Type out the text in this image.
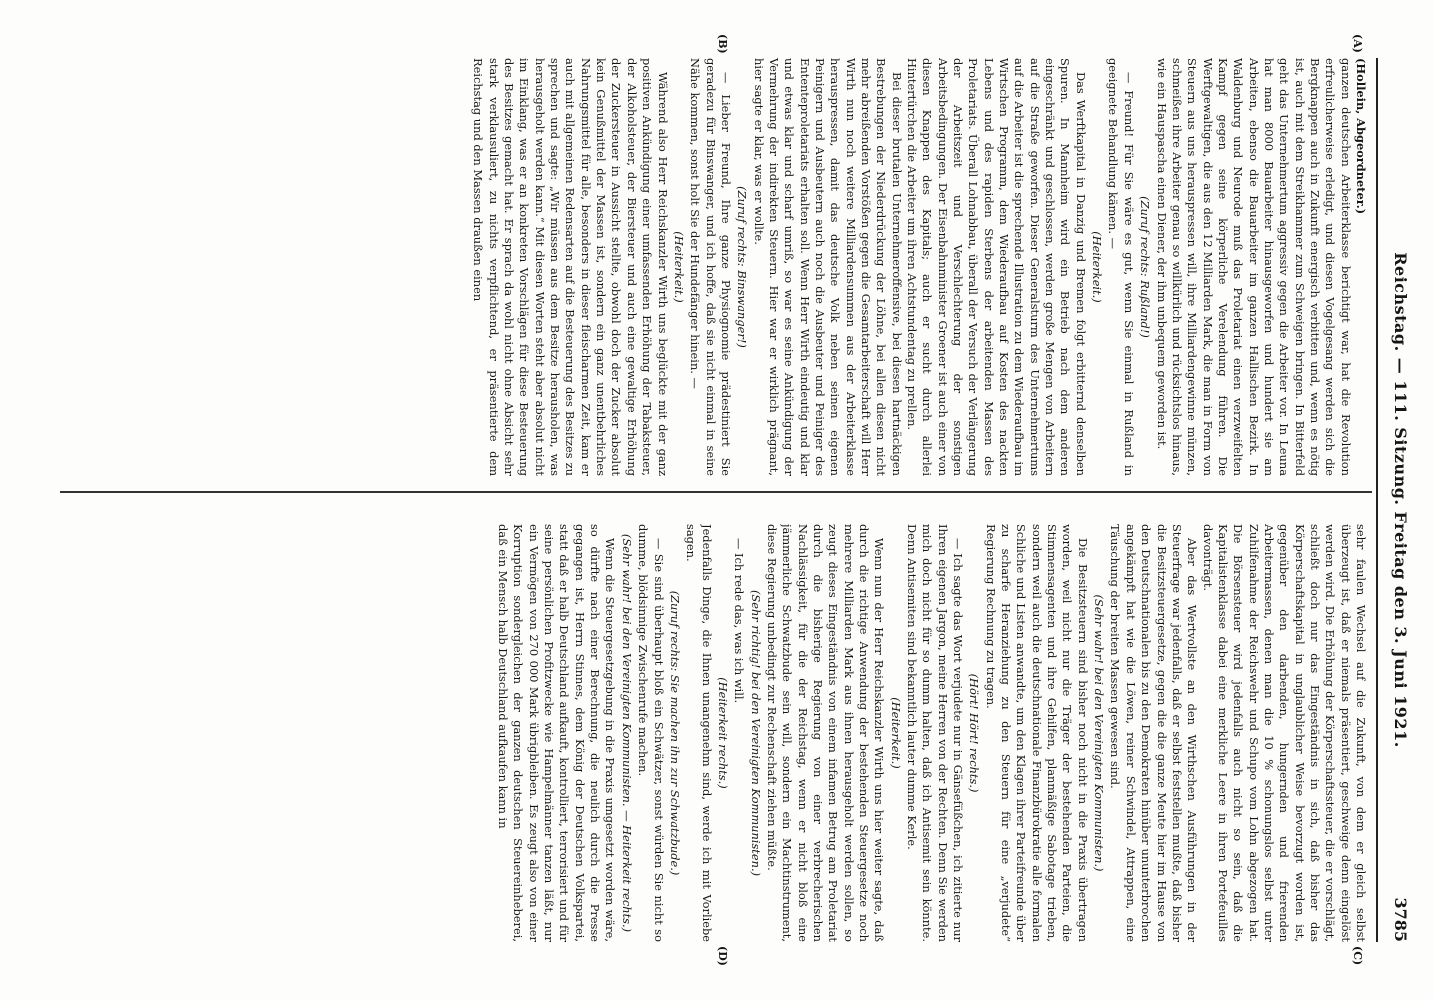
Reichstag. — 111. Sitzung. Freitag den 3. Juni 1921.
3785
(A)
(B)
(C)
(D)

(Hollein, Abgeordneter.)

ganzen deutschen Arbeiterklasse berichtigt war, hat die Revolution erfreulicherweise erledigt, und diesen Vogelgesang werden sich die Bergknappen auch in Zukunft energisch verbitten und, wenn es nötig ist, auch mit dem Streikhammer zum Schweigen bringen. In Bitterfeld geht das Unternehmertum aggressiv gegen die Arbeiter vor. In Leuna hat man 8000 Bauarbeiter hinausgeworfen und hundert sie am Arbeiten, ebenso die Bauarbeiter im ganzen Hallischen Bezirk. In Waldenburg und Neurode muß das Proletariat einen verzweifelten Kampf gegen seine körperliche Verelendung führen. Die Werftgewaltigen, die aus den 12 Milliarden Mark, die man in Form von Steuern aus uns herauspressen will, ihre Milliardengewinne münzen, schmeißen ihre Arbeiter genau so willkürlich und rücksichtslos hinaus, wie ein Hauspascha einen Diener, der ihm unbequem geworden ist.

(Zuruf rechts: Rußland!)

— Freund! Für Sie wäre es gut, wenn Sie einmal in Rußland in geeignete Behandlung kämen. —

(Heiterkeit.)

Das Werftkapital in Danzig und Bremen folgt erbitternd denselben Spuren. In Mannheim wird ein Betrieb nach dem anderen eingeschränkt und geschlossen, werden große Mengen von Arbeitern auf die Straße geworfen. Dieser Generalsturm des Unternehmertums auf die Arbeiter ist die sprechende Illustration zu dem Wiederaufbau im Wirtschen Programm, dem Wiederaufbau auf Kosten des nackten Lebens und des rapiden Sterbens der arbeitenden Massen des Proletariats. Überall Lohnabbau, überall der Versuch der Verlängerung der Arbeitszeit und Verschlechterung der sonstigen Arbeitsbedingungen. Der Eisenbahnminister Groener ist auch einer von diesen Knappen des Kapitals; auch er sucht durch allerlei Hintertürchen die Arbeiter um ihren Achtstundentag zu prellen.

Bei dieser brutalen Unternehmeroffensive, bei diesen hartnäckigen Bestrebungen der Niederdrückung der Löhne, bei allen diesen nicht mehr abreißenden Vorstößen gegen die Gesamtarbeiterschaft will Herr Wirth nun noch weitere Milliardensummen aus der Arbeiterklasse herauspressen, damit das deutsche Volk neben seinen eigenen Peinigern und Ausbeutern auch noch die Ausbeuter und Peiniger des Ententeproletariats erhalten soll. Wenn Herr Wirth eindeutig und klar und etwas klar und scharf umriß, so war es seine Ankündigung der Vermehrung der indirekten Steuern. Hier war er wirklich prägnant, hier sagte er klar, was er wollte.

(Zuruf rechts: Binswanger!)

— Lieber Freund, Ihre ganze Physiognomie prädestiniert Sie geradezu für Binswanger, und ich hoffe, daß sie nicht einmal in seine Nähe kommen, sonst holt Sie der Hundefänger hinein. —

(Heiterkeit.)

Während also Herr Reichskanzler Wirth uns beglückte mit der ganz positiven Ankündigung einer umfassenden Erhöhung der Tabaksteuer, der Alkoholsteuer, der Biersteuer und auch eine gewaltige Erhöhung der Zuckersteuer in Aussicht stellte, obwohl doch der Zucker absolut kein Genußmittel der Massen ist, sondern ein ganz unentbehrliches Nahrungsmittel für alle, besonders in dieser fleischarmen Zeit, kam er auch mit allgemeinen Redensarten auf die Besteuerung des Besitzes zu sprechen und sagte: „Wir müssen aus dem Besitze herausholen, was herausgeholt werden kann.“ Mit diesen Worten steht aber absolut nicht im Einklang, was er an konkreten Vorschlägen für diese Besteuerung des Besitzes gemacht hat. Er sprach da wohl nicht ohne Absicht sehr stark verklausuliert, zu nichts verpflichtend, er präsentierte dem Reichstag und den Massen draußen einen

sehr faulen Wechsel auf die Zukunft, von dem er gleich selbst überzeugt ist, daß er niemals präsentiert, geschweige denn eingelöst werden wird. Die Erhöhung der Körperschaftssteuer, die er vorschlägt, schließt doch nur das Eingeständnis in sich, daß bisher das Körperschaftskapital in unglaublicher Weise bevorzugt worden ist, gegenüber den darbenden, hungernden und frierenden Arbeitermassen, denen man die 10 % schonungslos selbst unter Zuhilfenahme der Reichswehr und Schupo vom Lohn abgezogen hat. Die Börsensteuer wird jedenfalls auch nicht so sein, daß die Kapitalistenklasse dabei eine merkliche Leere in ihren Portefeuilles davonträgt.

Aber das Wertvollste an den Wirthschen Ausführungen in der Steuerfrage war jedenfalls, daß er selbst feststellen mußte, daß bisher die Besitzsteuergesetze, gegen die die ganze Meute hier im Hause von den Deutschnationalen bis zu den Demokraten hinüber ununterbrochen angekämpft hat wie die Löwen, reiner Schwindel, Attrappen, eine Täuschung der breiten Massen gewesen sind.

(Sehr wahr! bei den Vereinigten Kommunisten.)

Die Besitzsteuern sind bisher noch nicht in die Praxis übertragen worden, weil nicht nur die Träger der bestehenden Parteien, die Stimmensagenten und ihre Gehilfen, planmäßige Sabotage trieben, sondern weil auch die deutschnationale Finanzbürokratie alle formalen Schliche und Listen anwandte, um den Klagen ihrer Parteifreunde über zu scharfe Heranziehung zu den Steuern für eine „verjudete“ Regierung Rechnung zu tragen.

(Hört! Hört! rechts.)

— Ich sagte das Wort verjudete nur in Gänsefüßchen, ich zitierte nur Ihren eigenen Jargon, meine Herren von der Rechten. Denn Sie werden mich doch nicht für so dumm halten, daß ich Antisemit sein könnte. Denn Antisemiten sind bekanntlich lauter dumme Kerle.

(Heiterkeit.)

Wenn nun der Herr Reichskanzler Wirth uns hier weiter sagte, daß durch die richtige Anwendung der bestehenden Steuergesetze noch mehrere Milliarden Mark aus ihnen herausgeholt werden sollen, so zeugt dieses Eingeständnis von einem infamen Betrug am Proletariat durch die bisherige Regierung von einer verbrecherischen Nachlässigkeit, für die der Reichstag, wenn er nicht bloß eine jämmerliche Schwatzbude sein will, sondern ein Machtinstrument, diese Regierung unbedingt zur Rechenschaft ziehen müßte.

(Sehr richtig! bei den Vereinigten Kommunisten.)

— Ich rede das, was ich will.

(Heiterkeit rechts.)

Jedenfalls Dinge, die Ihnen unangenehm sind, werde ich mit Vorliebe sagen.

(Zuruf rechts: Sie machen ihn zur Schwatzbude.)

— Sie sind überhaupt bloß ein Schwätzer, sonst würden Sie nicht so dumme, blödsinnige Zwischenrufe machen.

(Sehr wahr! bei den Vereinigten Kommunisten. — Heiterkeit rechts.)

Wenn die Steuergesetzgebung in die Praxis umgesetzt worden wäre, so dürfte nach einer Berechnung, die neulich durch die Presse gegangen ist, Herrn Stinnes, dem König der Deutschen Volkspartei, statt daß er halb Deutschland aufkauft, kontrolliert, terrorisiert und für seine persönlichen Profitzwecke wie Hampelmänner tanzen läßt, nur ein Vermögen von 270 000 Mark übrigbleiben. Es zeugt also von einer Korruption sondergleichen der ganzen deutschen Steuereinheberei, daß ein Mensch halb Deutschland aufkaufen kann in
